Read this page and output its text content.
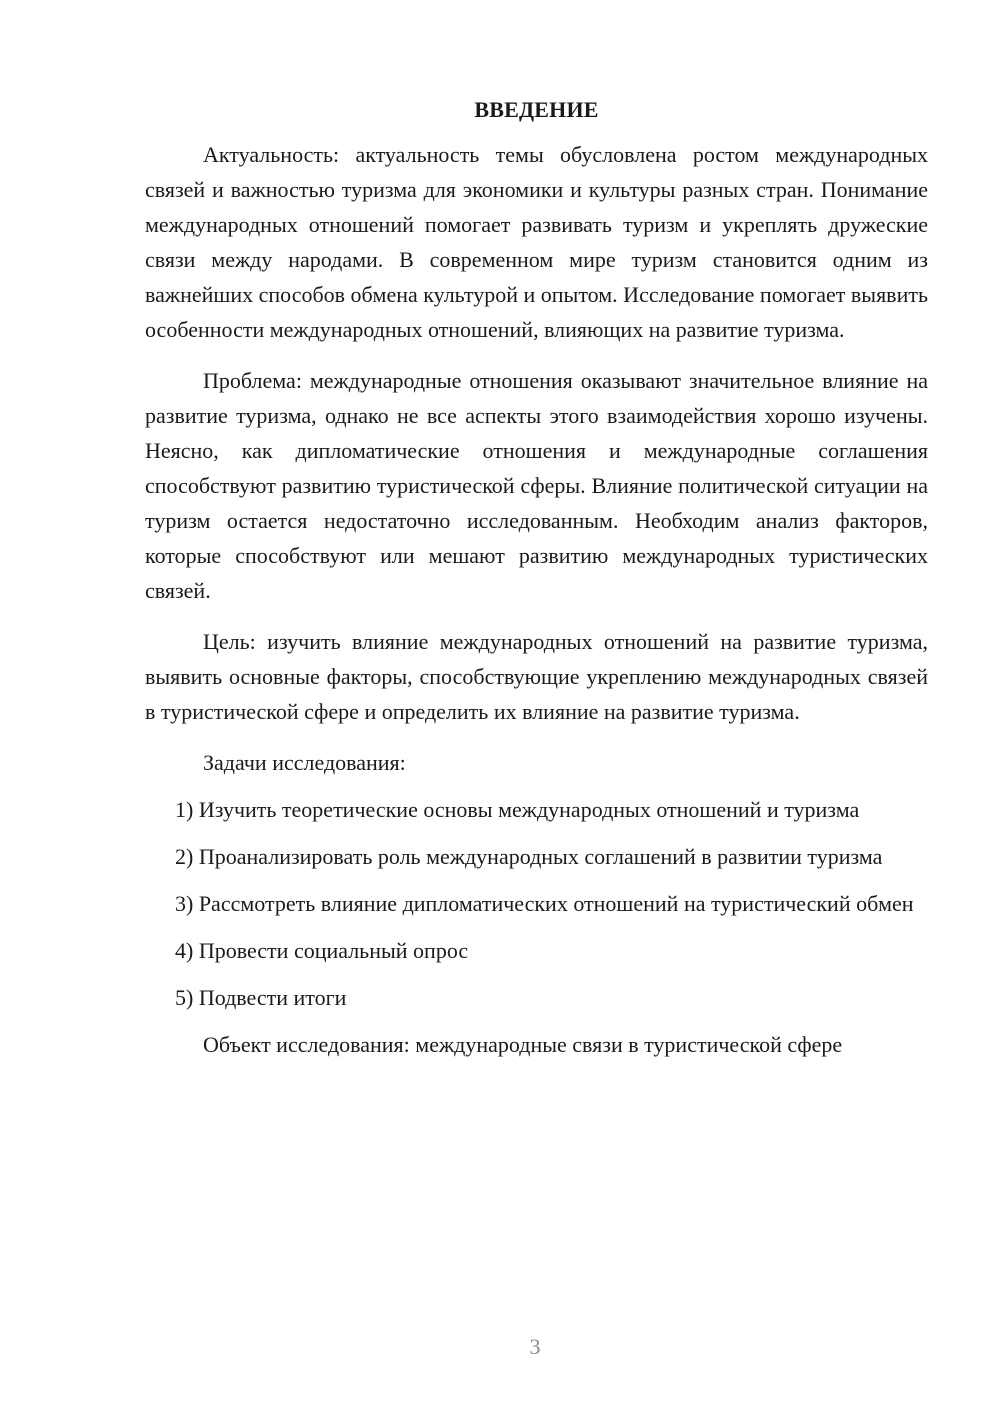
ВВЕДЕНИЕ

Актуальность: актуальность темы обусловлена ростом международных связей и важностью туризма для экономики и культуры разных стран. Понимание международных отношений помогает развивать туризм и укреплять дружеские связи между народами. В современном мире туризм становится одним из важнейших способов обмена культурой и опытом. Исследование помогает выявить особенности международных отношений, влияющих на развитие туризма.

Проблема: международные отношения оказывают значительное влияние на развитие туризма, однако не все аспекты этого взаимодействия хорошо изучены. Неясно, как дипломатические отношения и международные соглашения способствуют развитию туристической сферы. Влияние политической ситуации на туризм остается недостаточно исследованным. Необходим анализ факторов, которые способствуют или мешают развитию международных туристических связей.

Цель: изучить влияние международных отношений на развитие туризма, выявить основные факторы, способствующие укреплению международных связей в туристической сфере и определить их влияние на развитие туризма.

Задачи исследования:

1) Изучить теоретические основы международных отношений и туризма

2) Проанализировать роль международных соглашений в развитии туризма

3) Рассмотреть влияние дипломатических отношений на туристический обмен

4) Провести социальный опрос

5) Подвести итоги

Объект исследования: международные связи в туристической сфере

3
